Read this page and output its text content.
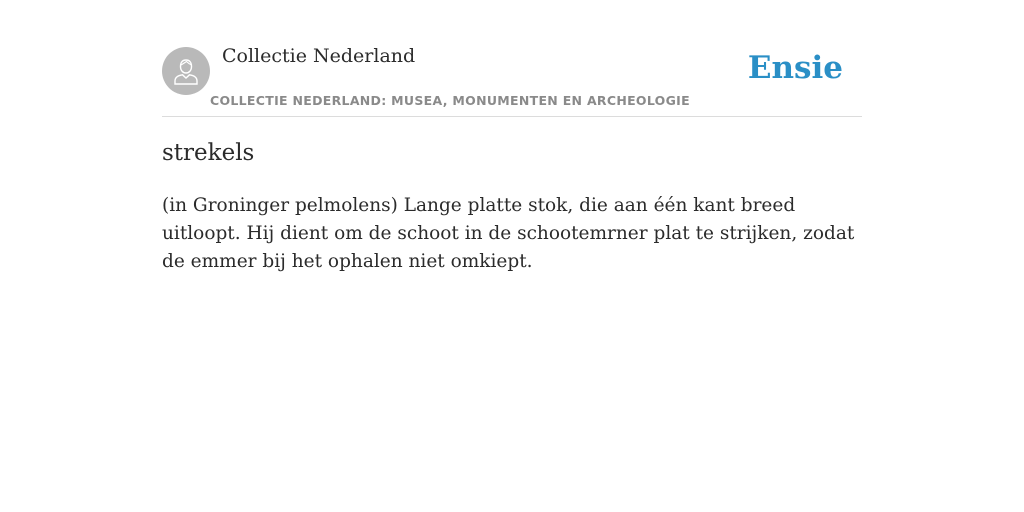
Collectie Nederland
COLLECTIE NEDERLAND: MUSEA, MONUMENTEN EN ARCHEOLOGIE
Ensie
strekels

(in Groninger pelmolens) Lange platte stok, die aan één kant breed uitloopt. Hij dient om de schoot in de schootemrner plat te strijken, zodat de emmer bij het ophalen niet omkiept.
